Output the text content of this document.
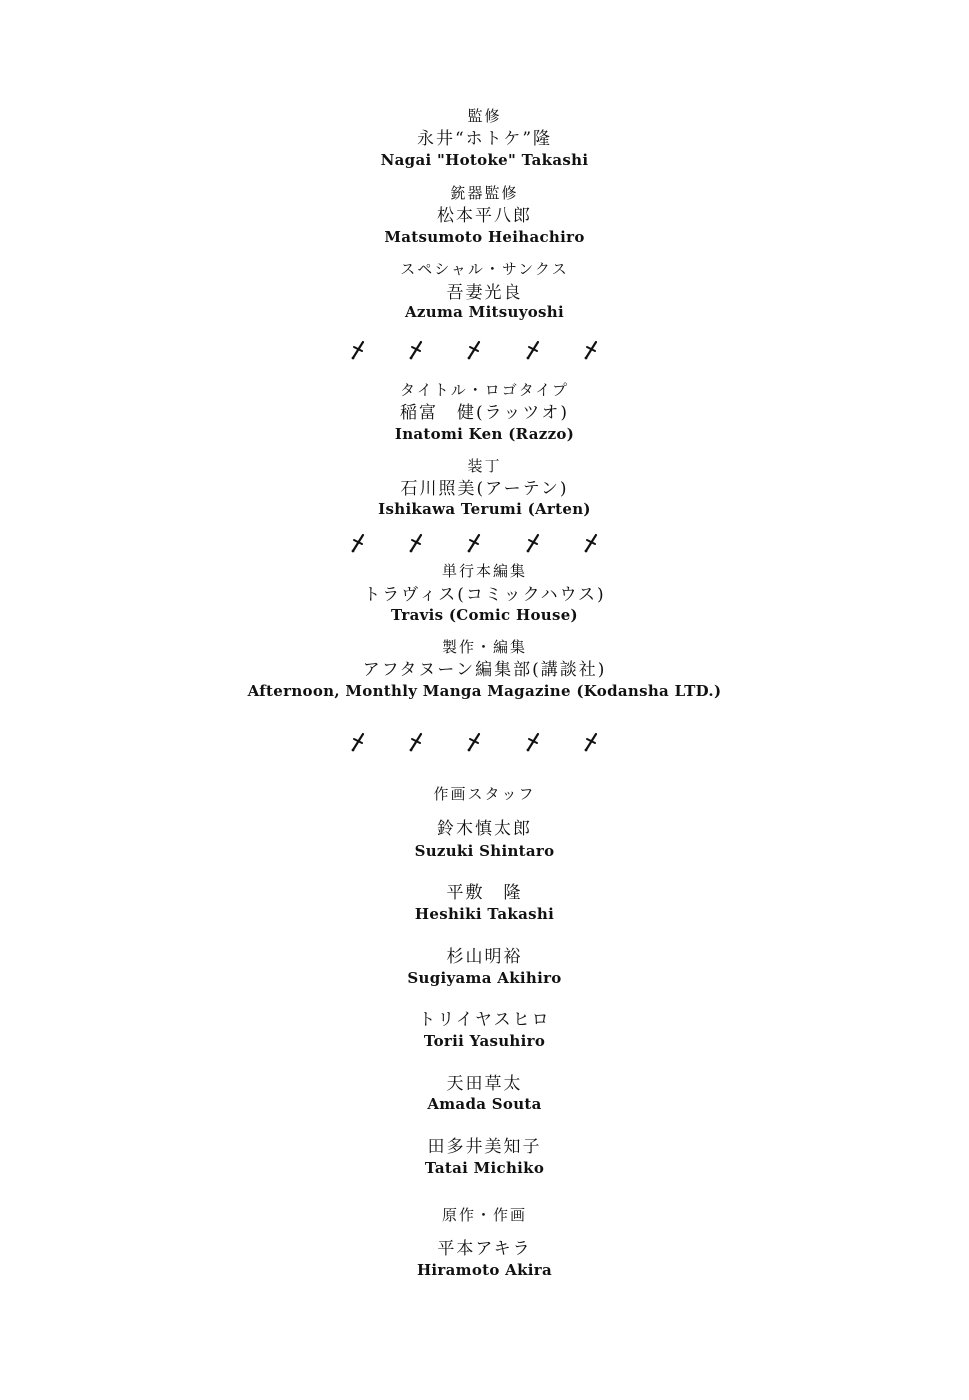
監修
永井“ホトケ”隆
Nagai "Hotoke" Takashi
銃器監修
松本平八郎
Matsumoto Heihachiro
スペシャル・サンクス
吾妻光良
Azuma Mitsuyoshi
タイトル・ロゴタイプ
稲富　健(ラッツオ)
Inatomi Ken (Razzo)
装丁
石川照美(アーテン)
Ishikawa Terumi (Arten)
単行本編集
トラヴィス(コミックハウス)
Travis (Comic House)
製作・編集
アフタヌーン編集部(講談社)
Afternoon, Monthly Manga Magazine (Kodansha LTD.)
作画スタッフ
鈴木慎太郎
Suzuki Shintaro
平敷　隆
Heshiki Takashi
杉山明裕
Sugiyama Akihiro
トリイヤスヒロ
Torii Yasuhiro
天田草太
Amada Souta
田多井美知子
Tatai Michiko
原作・作画
平本アキラ
Hiramoto Akira
